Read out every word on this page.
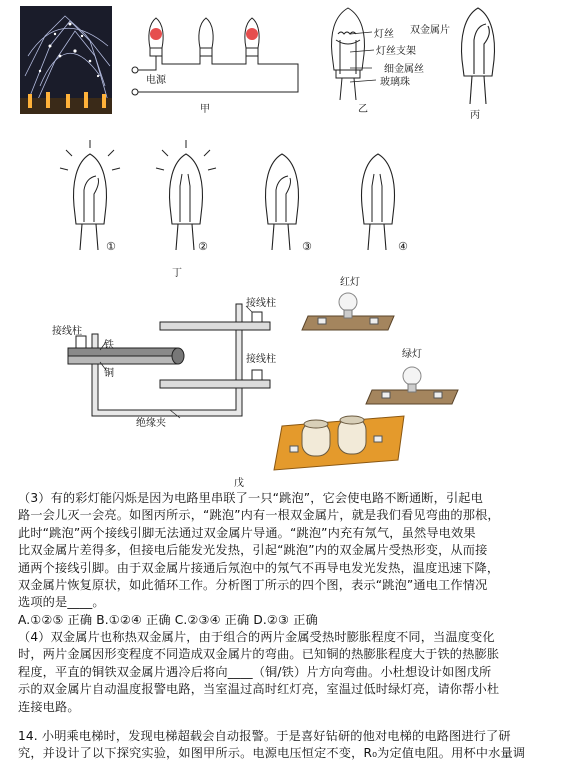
电源
甲
灯丝 双金属片
灯丝支架
细金属丝
玻璃珠
乙
丙
①	②	③	④
丁
接线柱
接线柱
铁
接线柱
铜
绝缘夹
红灯
绿灯
戊

（3）有的彩灯能闪烁是因为电路里串联了一只“跳泡”，它会使电路不断通断，引起电

路一会儿灭一会亮。如图丙所示，“跳泡”内有一根双金属片，就是我们看见弯曲的那根，

此时“跳泡”两个接线引脚无法通过双金属片导通。“跳泡”内充有氖气，虽然导电效果

比双金属片差得多，但接电后能发光发热，引起“跳泡”内的双金属片受热形变，从而接

通两个接线引脚。由于双金属片接通后氖泡中的氖气不再导电发光发热，温度迅速下降，

双金属片恢复原状，如此循环工作。分析图丁所示的四个图，表示“跳泡”通电工作情况

选项的是____。

A.①②⑤ 正确 B.①②④ 正确 C.②③④ 正确 D.②③ 正确

（4）双金属片也称热双金属片，由于组合的两片金属受热时膨胀程度不同，当温度变化

时，两片金属因形变程度不同造成双金属片的弯曲。已知铜的热膨胀程度大于铁的热膨胀

程度，平直的铜铁双金属片遇冷后将向____（铜/铁）片方向弯曲。小杜想设计如图戊所

示的双金属片自动温度报警电路，当室温过高时红灯亮，室温过低时绿灯亮，请你帮小杜

连接电路。

14. 小明乘电梯时，发现电梯超载会自动报警。于是喜好钻研的他对电梯的电路图进行了研

究，并设计了以下探究实验，如图甲所示。电源电压恒定不变，R₀为定值电阻。用杯中水量调
